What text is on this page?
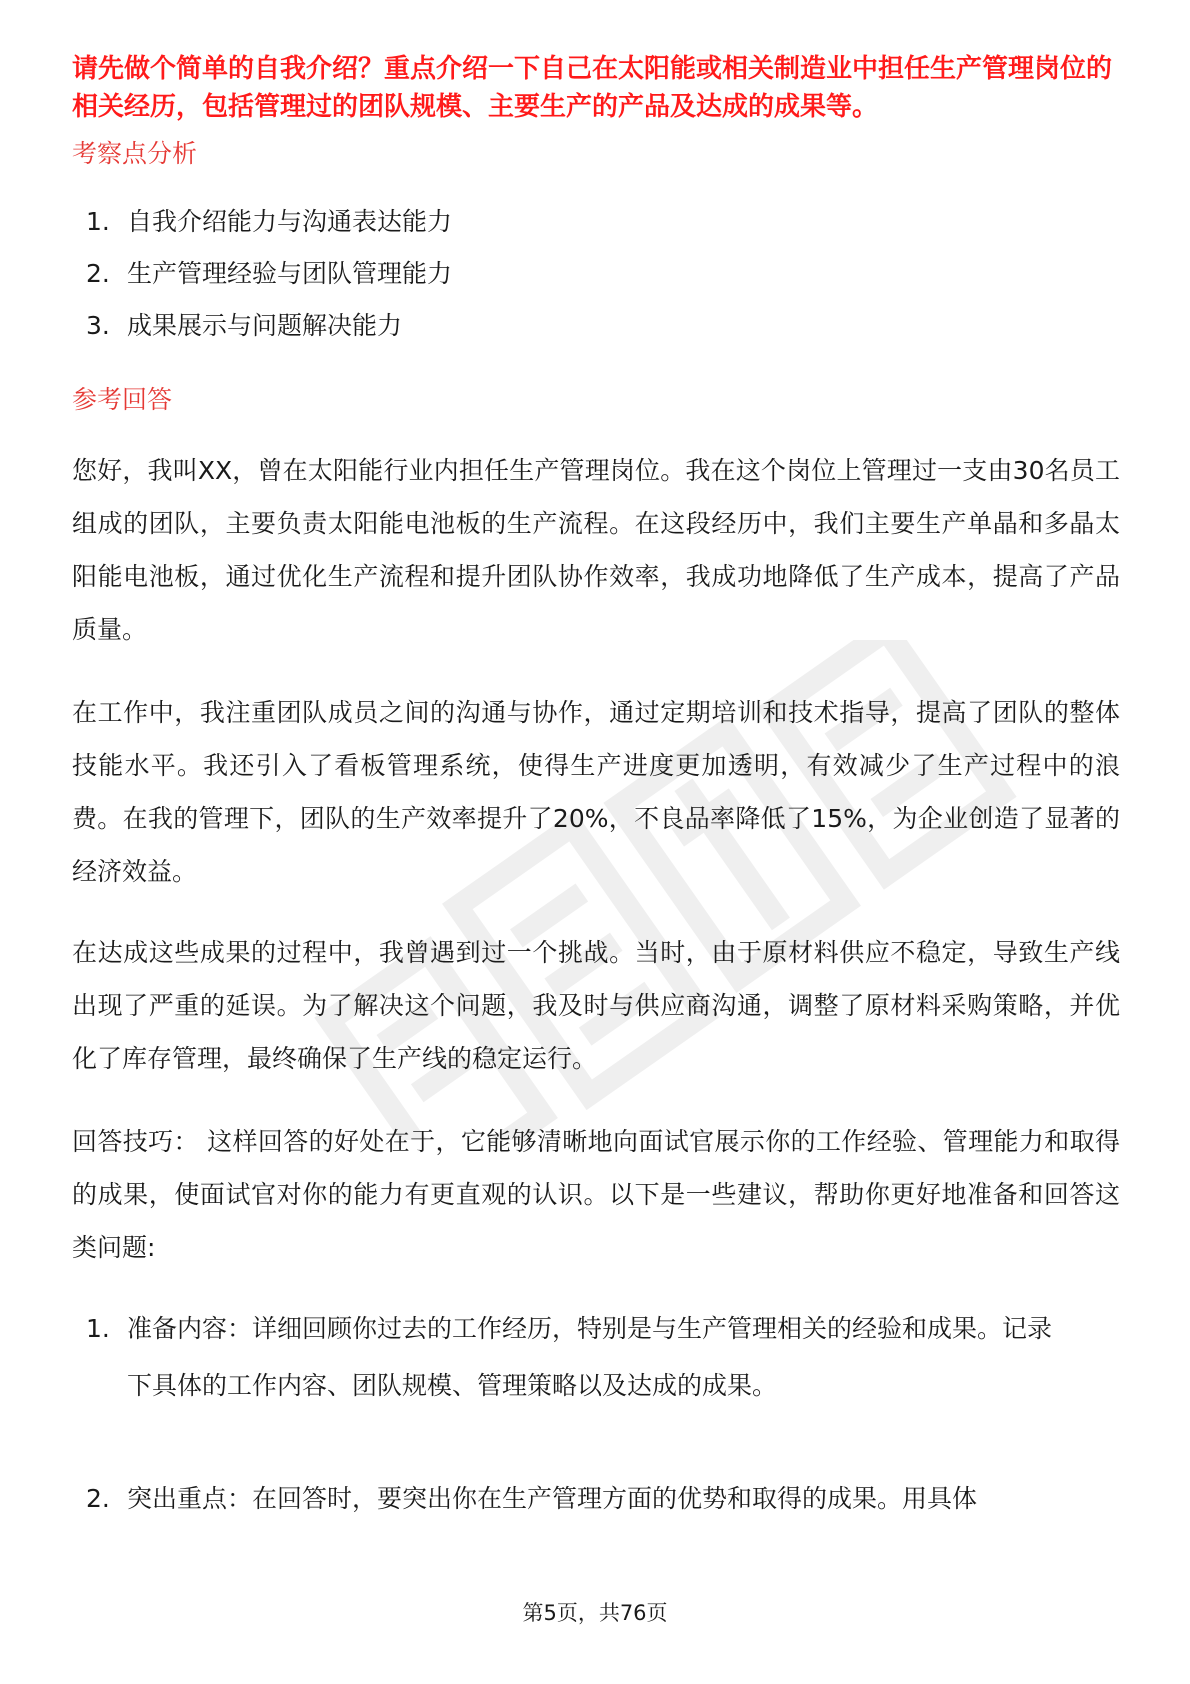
请先做个简单的自我介绍？重点介绍一下自己在太阳能或相关制造业中担任生产管理岗位的相关经历，包括管理过的团队规模、主要生产的产品及达成的成果等。

考察点分析
1. 自我介绍能力与沟通表达能力
2. 生产管理经验与团队管理能力
3. 成果展示与问题解决能力
参考回答

您好，我叫XX，曾在太阳能行业内担任生产管理岗位。我在这个岗位上管理过一支由30名员工组成的团队，主要负责太阳能电池板的生产流程。在这段经历中，我们主要生产单晶和多晶太阳能电池板，通过优化生产流程和提升团队协作效率，我成功地降低了生产成本，提高了产品质量。

在工作中，我注重团队成员之间的沟通与协作，通过定期培训和技术指导，提高了团队的整体技能水平。我还引入了看板管理系统，使得生产进度更加透明，有效减少了生产过程中的浪费。在我的管理下，团队的生产效率提升了20%，不良品率降低了15%，为企业创造了显著的经济效益。

在达成这些成果的过程中，我曾遇到过一个挑战。当时，由于原材料供应不稳定，导致生产线出现了严重的延误。为了解决这个问题，我及时与供应商沟通，调整了原材料采购策略，并优化了库存管理，最终确保了生产线的稳定运行。

回答技巧： 这样回答的好处在于，它能够清晰地向面试官展示你的工作经验、管理能力和取得的成果，使面试官对你的能力有更直观的认识。以下是一些建议，帮助你更好地准备和回答这类问题:

1. 准备内容：详细回顾你过去的工作经历，特别是与生产管理相关的经验和成果。记录下具体的工作内容、团队规模、管理策略以及达成的成果。
2. 突出重点：在回答时，要突出你在生产管理方面的优势和取得的成果。用具体
第5页，共76页
